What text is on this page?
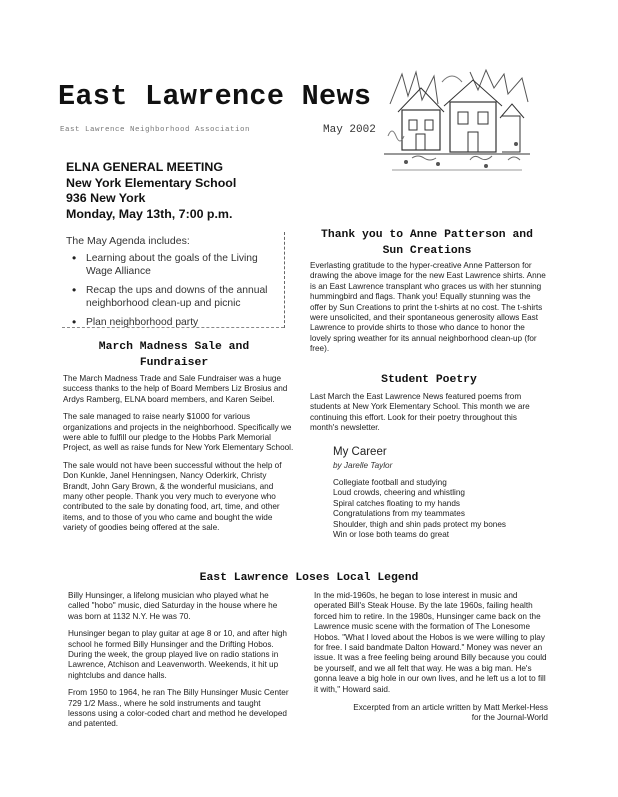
East Lawrence News
East Lawrence Neighborhood Association	May 2002
ELNA GENERAL MEETING
New York Elementary School
936 New York
Monday, May 13th, 7:00 p.m.
The May Agenda includes:
• Learning about the goals of the Living Wage Alliance
• Recap the ups and downs of the annual neighborhood clean-up and picnic
• Plan neighborhood party
March Madness Sale and Fundraiser

The March Madness Trade and Sale Fundraiser was a huge success thanks to the help of Board Members Liz Brosius and Ardys Ramberg, ELNA board members, and Karen Seibel.

The sale managed to raise nearly $1000 for various organizations and projects in the neighborhood. Specifically we were able to fulfill our pledge to the Hobbs Park Memorial Project, as well as raise funds for New York Elementary School.

The sale would not have been successful without the help of Don Kunkle, Janel Henningsen, Nancy Oderkirk, Christy Brandt, John Gary Brown, & the wonderful musicians, and many other people. Thank you very much to everyone who contributed to the sale by donating food, art, time, and other items, and to those of you who came and bought the wide variety of goodies being offered at the sale.

Thank you to Anne Patterson and Sun Creations

Everlasting gratitude to the hyper-creative Anne Patterson for drawing the above image for the new East Lawrence shirts. Anne is an East Lawrence transplant who graces us with her stunning hummingbird and flags. Thank you! Equally stunning was the offer by Sun Creations to print the t-shirts at no cost. The t-shirts were unsolicited, and their spontaneous generosity allows East Lawrence to provide shirts to those who dance to honor the lovely spring weather for its annual neighborhood clean-up (for free).

Student Poetry

Last March the East Lawrence News featured poems from students at New York Elementary School. This month we are continuing this effort. Look for their poetry throughout this month's newsletter.

My Career
by Jarelle Taylor
Collegiate football and studying
Loud crowds, cheering and whistling
Spiral catches floating to my hands
Congratulations from my teammates
Shoulder, thigh and shin pads protect my bones
Win or lose both teams do great
East Lawrence Loses Local Legend

Billy Hunsinger, a lifelong musician who played what he called "hobo" music, died Saturday in the house where he was born at 1132 N.Y. He was 70.

Hunsinger began to play guitar at age 8 or 10, and after high school he formed Billy Hunsinger and the Drifting Hobos. During the week, the group played live on radio stations in Lawrence, Atchison and Leavenworth. Weekends, it hit up nightclubs and dance halls.

From 1950 to 1964, he ran The Billy Hunsinger Music Center 729 1/2 Mass., where he sold instruments and taught lessons using a color-coded chart and method he developed and patented.

In the mid-1960s, he began to lose interest in music and operated Bill's Steak House. By the late 1960s, failing health forced him to retire. In the 1980s, Hunsinger came back on the Lawrence music scene with the formation of The Lonesome Hobos. "What I loved about the Hobos is we were willing to play for free. I said bandmate Dalton Howard." Money was never an issue. It was a free feeling being around Billy because you could be yourself, and we all felt that way. He was a big man. He's gonna leave a big hole in our own lives, and he left us a lot to fill it with," Howard said.

Excerpted from an article written by Matt Merkel-Hess

for the Journal-World
